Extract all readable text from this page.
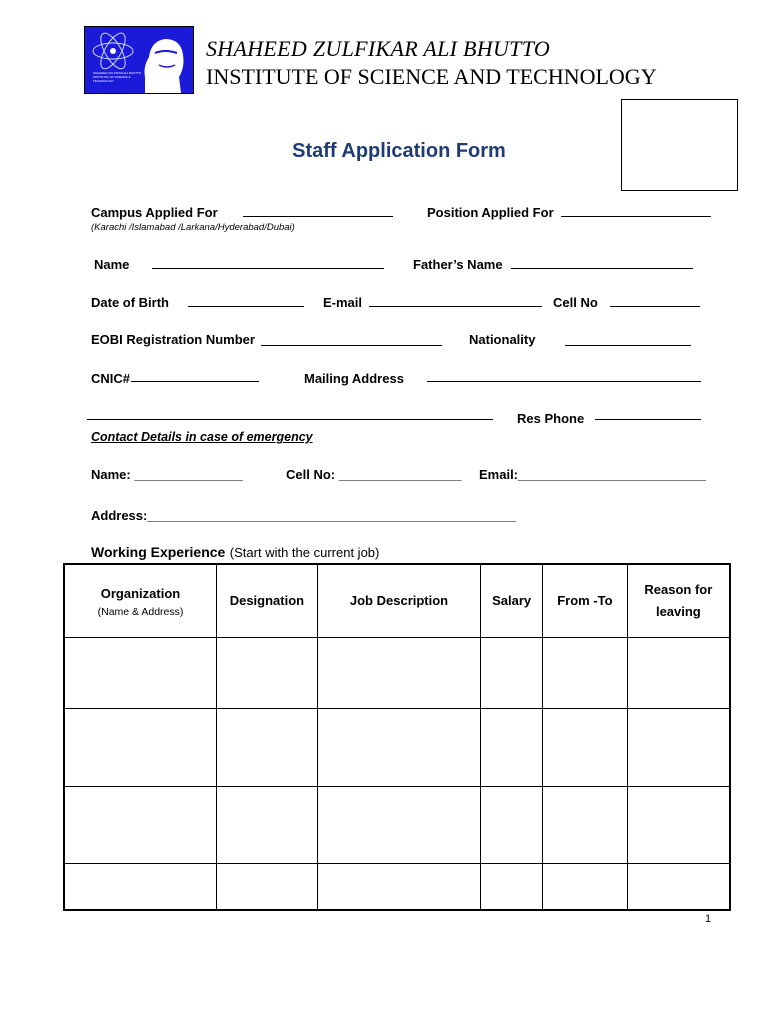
SHAHEED ZULFIKAR ALI BHUTTO INSTITUTE OF SCIENCE & TECHNOLOGY
SHAHEED ZULFIKAR ALI BHUTTO
INSTITUTE OF SCIENCE AND TECHNOLOGY
Staff Application Form
Campus Applied For
(Karachi /Islamabad /Larkana/Hyderabad/Dubai)
Position Applied For
Name	Father’s Name
Date of Birth	E-mail	Cell No
EOBI Registration Number	Nationality
CNIC#	Mailing Address
Res Phone
Contact Details in case of emergency
Name: _______________	Cell No: _________________ Email:__________________________
Address:___________________________________________________
Working Experience (Start with the current job)
Organization
(Name & Address)	Designation	Job Description	Salary	From -To	Reason for leaving

1
